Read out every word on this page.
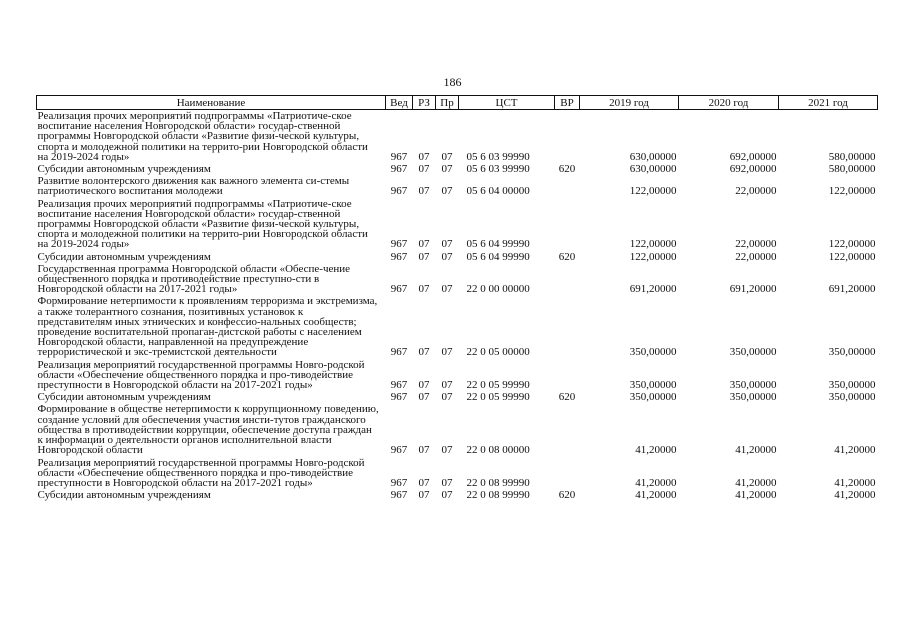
186
Наименование	Вед	РЗ	Пр	ЦСТ	ВР	2019 год	2020 год	2021 год
Реализация прочих мероприятий подпрограммы «Патриотиче-ское воспитание населения Новгородской области» государ-ственной программы Новгородской области «Развитие физи-ческой культуры, спорта и молодежной политики на террито-рии Новгородской области на 2019-2024 годы»	967	07	07	05 6 03 99990		630,00000	692,00000	580,00000
Субсидии автономным учреждениям	967	07	07	05 6 03 99990	620	630,00000	692,00000	580,00000
Развитие волонтерского движения как важного элемента си-стемы патриотического воспитания молодежи	967	07	07	05 6 04 00000		122,00000	22,00000	122,00000
Реализация прочих мероприятий подпрограммы «Патриотиче-ское воспитание населения Новгородской области» государ-ственной программы Новгородской области «Развитие физи-ческой культуры, спорта и молодежной политики на террито-рии Новгородской области на 2019-2024 годы»	967	07	07	05 6 04 99990		122,00000	22,00000	122,00000
Субсидии автономным учреждениям	967	07	07	05 6 04 99990	620	122,00000	22,00000	122,00000
Государственная программа Новгородской области «Обеспе-чение общественного порядка и противодействие преступно-сти в Новгородской области на 2017-2021 годы»	967	07	07	22 0 00 00000		691,20000	691,20000	691,20000
Формирование нетерпимости к проявлениям терроризма и экстремизма, а также толерантного сознания, позитивных установок к представителям иных этнических и конфессио-нальных сообществ; проведение воспитательной пропаган-дистской работы с населением Новгородской области, направленной на предупреждение террористической и экс-тремистской деятельности	967	07	07	22 0 05 00000		350,00000	350,00000	350,00000
Реализация мероприятий государственной программы Новго-родской области «Обеспечение общественного порядка и про-тиводействие преступности в Новгородской области на 2017-2021 годы»	967	07	07	22 0 05 99990		350,00000	350,00000	350,00000
Субсидии автономным учреждениям	967	07	07	22 0 05 99990	620	350,00000	350,00000	350,00000
Формирование в обществе нетерпимости к коррупционному поведению, создание условий для обеспечения участия инсти-тутов гражданского общества в противодействии коррупции, обеспечение доступа граждан к информации о деятельности органов исполнительной власти Новгородской области	967	07	07	22 0 08 00000		41,20000	41,20000	41,20000
Реализация мероприятий государственной программы Новго-родской области «Обеспечение общественного порядка и про-тиводействие преступности в Новгородской области на 2017-2021 годы»	967	07	07	22 0 08 99990		41,20000	41,20000	41,20000
Субсидии автономным учреждениям	967	07	07	22 0 08 99990	620	41,20000	41,20000	41,20000
